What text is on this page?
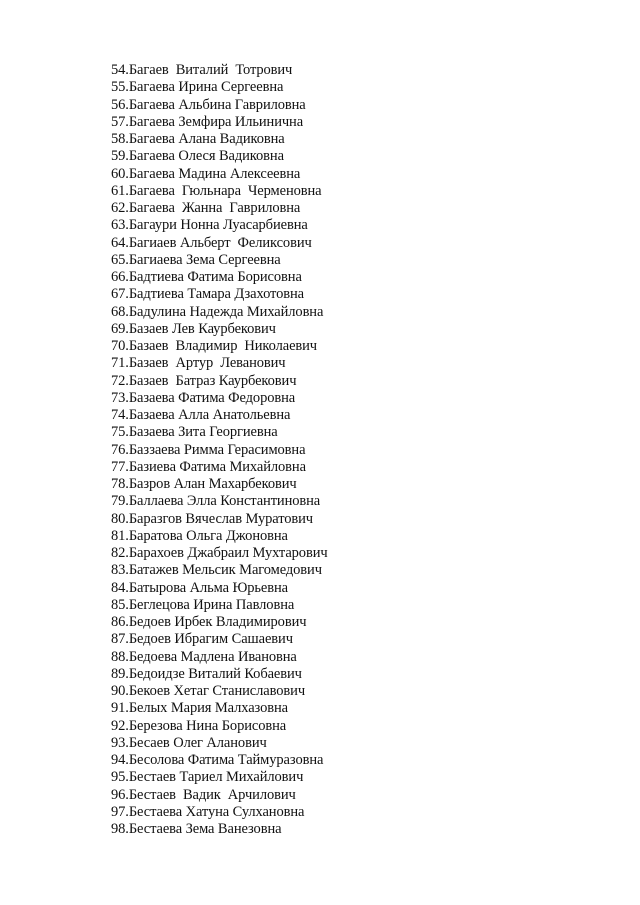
54.Багаев  Виталий  Тотрович
55.Багаева Ирина Сергеевна
56.Багаева Альбина Гавриловна
57.Багаева Земфира Ильинична
58.Багаева Алана Вадиковна
59.Багаева Олеся Вадиковна
60.Багаева Мадина Алексеевна
61.Багаева  Гюльнара  Черменовна
62.Багаева  Жанна  Гавриловна
63.Багаури Нонна Луасарбиевна
64.Багиаев Альберт  Феликсович
65.Багиаева Зема Сергеевна
66.Бадтиева Фатима Борисовна
67.Бадтиева Тамара Дзахотовна
68.Бадулина Надежда Михайловна
69.Базаев Лев Каурбекович
70.Базаев  Владимир  Николаевич
71.Базаев  Артур  Леванович
72.Базаев  Батраз Каурбекович
73.Базаева Фатима Федоровна
74.Базаева Алла Анатольевна
75.Базаева Зита Георгиевна
76.Баззаева Римма Герасимовна
77.Базиева Фатима Михайловна
78.Базров Алан Махарбекович
79.Баллаева Элла Константиновна
80.Баразгов Вячеслав Муратович
81.Баратова Ольга Джоновна
82.Барахоев Джабраил Мухтарович
83.Батажев Мельсик Магомедович
84.Батырова Альма Юрьевна
85.Беглецова Ирина Павловна
86.Бедоев Ирбек Владимирович
87.Бедоев Ибрагим Сашаевич
88.Бедоева Мадлена Ивановна
89.Бедоидзе Виталий Кобаевич
90.Бекоев Хетаг Станиславович
91.Белых Мария Малхазовна
92.Березова Нина Борисовна
93.Бесаев Олег Аланович
94.Бесолова Фатима Таймуразовна
95.Бестаев Тариел Михайлович
96.Бестаев  Вадик  Арчилович
97.Бестаева Хатуна Сулхановна
98.Бестаева Зема Ванезовна
